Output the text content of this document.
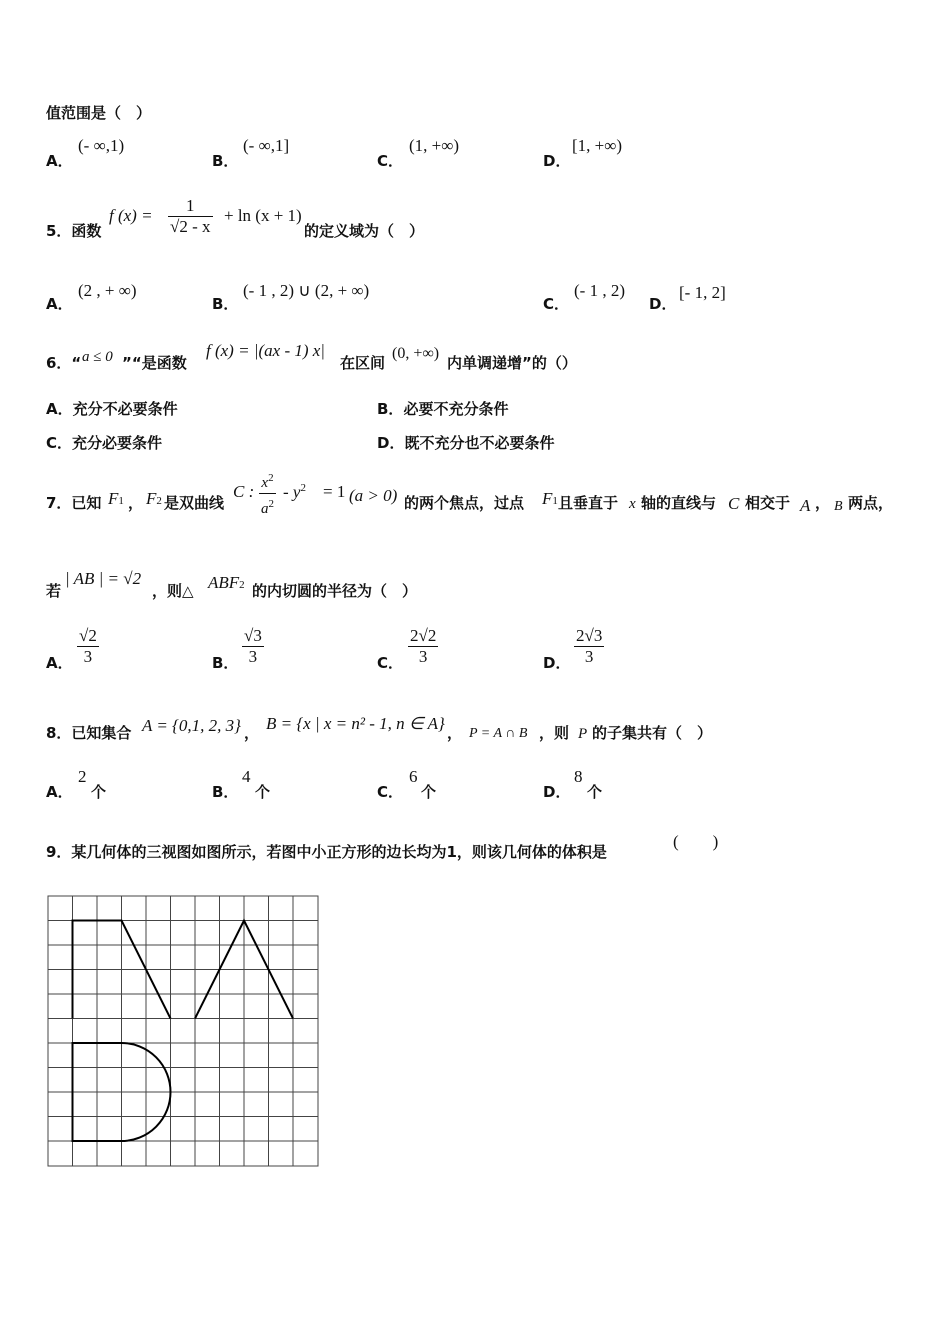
值范围是（　）
A．
(- ∞,1)
B．
(- ∞,1]
C．
(1, +∞)
D．
[1, +∞)
5．函数
f $(x) = \frac{1}{√2 - x} + \ln (x + 1)$
的定义域为（　）
A．
(2 , + ∞)
B．
(- 1 , 2) ∪ (2, + ∞)
C．
(- 1 , 2)
D．
[- 1, 2]
6．“ a ≤ 0 ”“是函数
f (x) = |(ax - 1) x|
在区间
(0, +∞)
内单调递增”的（）
A．充分不必要条件	B．必要不充分条件
C．充分必要条件	D．既不充分也不必要条件
7．已知 F1 ， F2 是双曲线
C : $\frac{x^2}{a^2} - y^2 = 1$ (a > 0) 的两个焦点，过点 F1 且垂直于 x 轴的直线与 C 相交于 A ， B 两点，
若
| AB | = √2
，则△ ABF2 的内切圆的半径为（　）
A． $\frac{√2}{3}$	B． $\frac{√3}{3}$	C． $\frac{2√2}{3}$	D． $\frac{2√3}{3}$
8．已知集合 A = {0,1, 2, 3} ， B = {x | x = n² - 1, n ∈ A} ， P = A ∩ B ，则 P 的子集共有（　）
A．
2
个	B．
4
个	C．
6
个	D．
8
个
9．某几何体的三视图如图所示，若图中小正方形的边长均为1，则该几何体的体积是
(　　)
